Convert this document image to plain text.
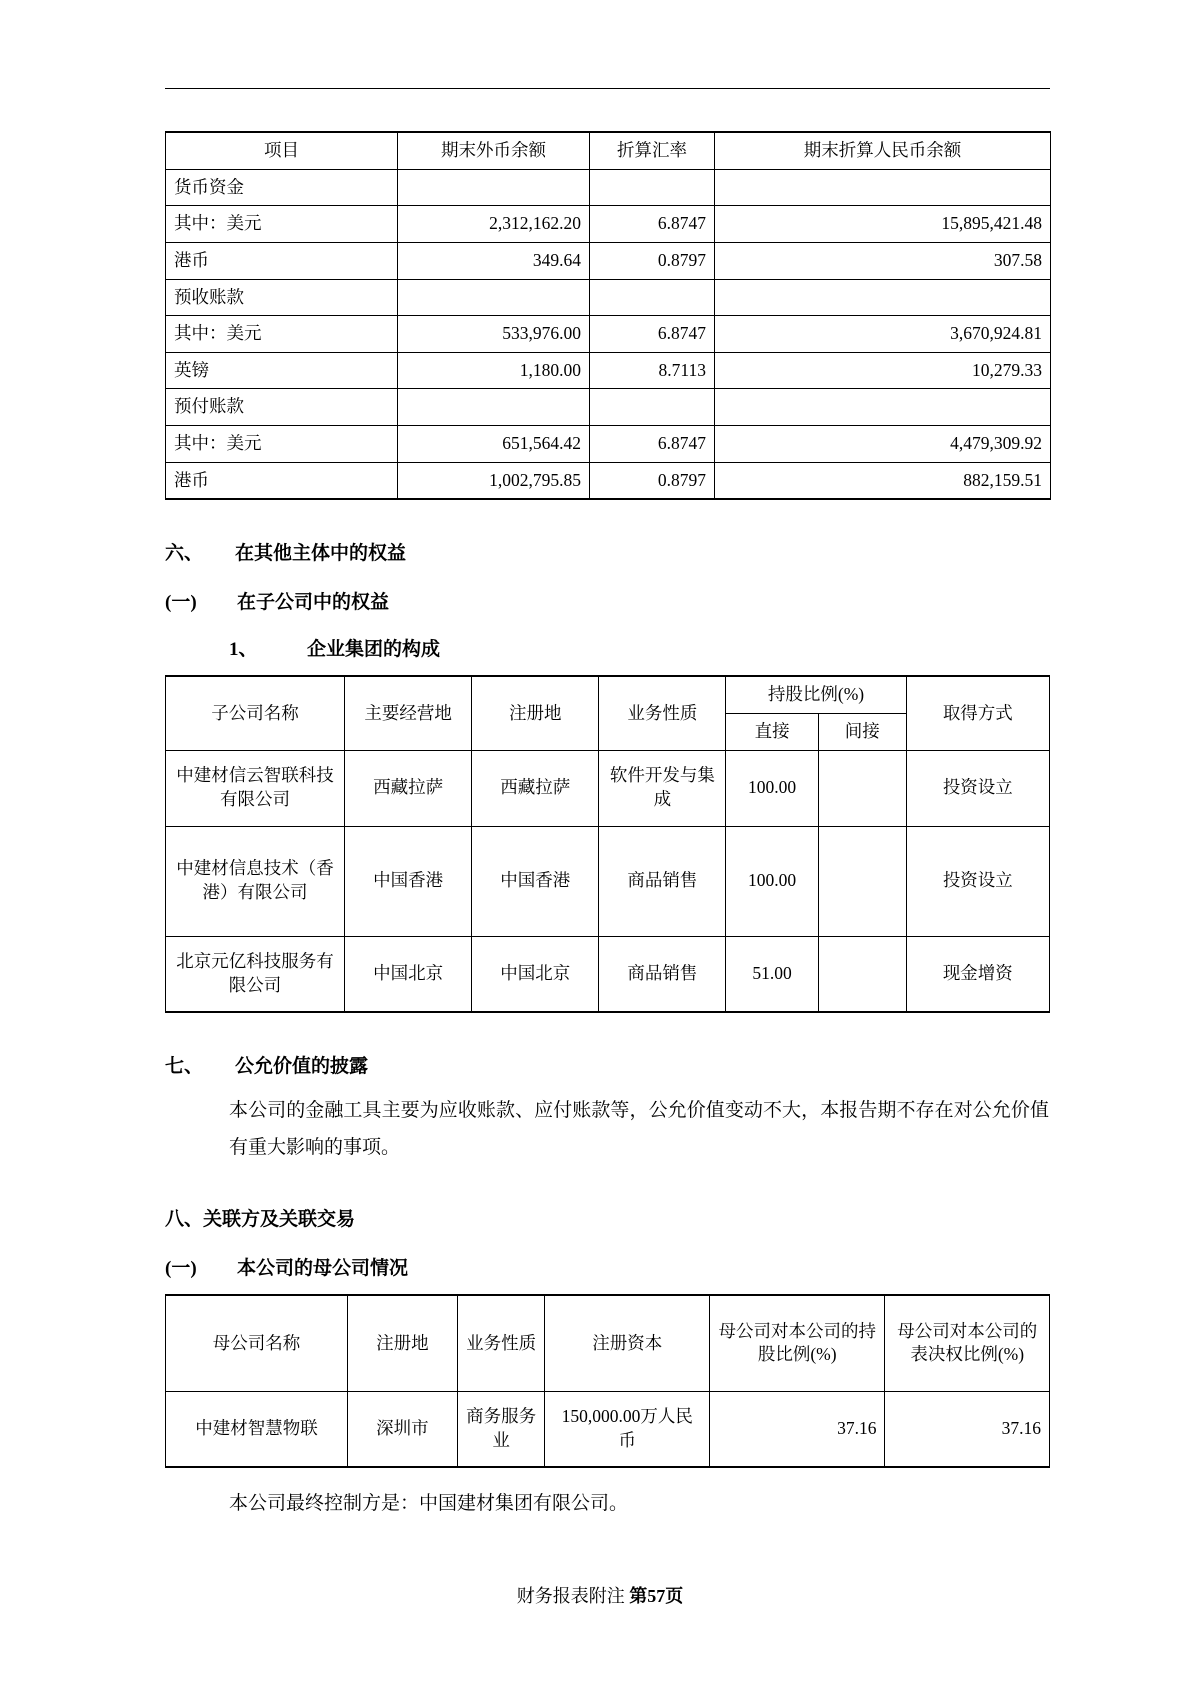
项目	期末外币余额	折算汇率	期末折算人民币余额
货币资金			
其中：美元	2,312,162.20	6.8747	15,895,421.48
港币	349.64	0.8797	307.58
预收账款			
其中：美元	533,976.00	6.8747	3,670,924.81
英镑	1,180.00	8.7113	10,279.33
预付账款			
其中：美元	651,564.42	6.8747	4,479,309.92
港币	1,002,795.85	0.8797	882,159.51
六、	在其他主体中的权益
(一)	在子公司中的权益
1、	企业集团的构成
子公司名称	主要经营地	注册地	业务性质	持股比例(%)		取得方式
				直接	间接	
中建材信云智联科技有限公司	西藏拉萨	西藏拉萨	软件开发与集成	100.00		投资设立
中建材信息技术（香港）有限公司	中国香港	中国香港	商品销售	100.00		投资设立
北京元亿科技服务有限公司	中国北京	中国北京	商品销售	51.00		现金增资
七、	公允价值的披露
本公司的金融工具主要为应收账款、应付账款等，公允价值变动不大，本报告期不存在对公允价值有重大影响的事项。
八、关联方及关联交易
(一)	本公司的母公司情况
母公司名称	注册地	业务性质	注册资本	母公司对本公司的持股比例(%)	母公司对本公司的表决权比例(%)
中建材智慧物联	深圳市	商务服务业	150,000.00万人民币	37.16	37.16
本公司最终控制方是：中国建材集团有限公司。
财务报表附注 第57页
